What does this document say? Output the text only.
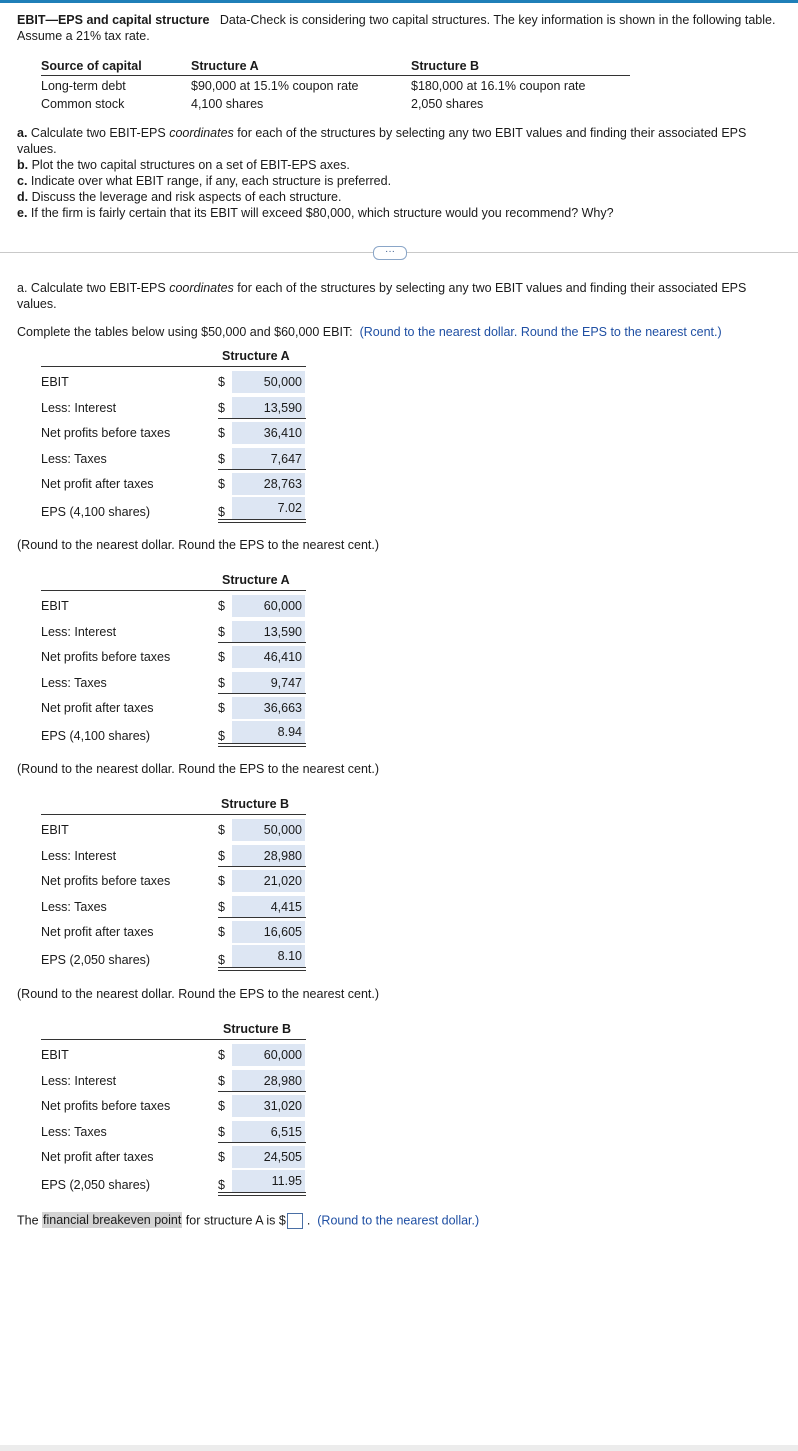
EBIT—EPS and capital structure Data-Check is considering two capital structures. The key information is shown in the following table. Assume a 21% tax rate.
Source of capital	Structure A	Structure B
Long-term debt	$90,000 at 15.1% coupon rate	$180,000 at 16.1% coupon rate
Common stock	4,100 shares	2,050 shares

a. Calculate two EBIT-EPS coordinates for each of the structures by selecting any two EBIT values and finding their associated EPS values.

b. Plot the two capital structures on a set of EBIT-EPS axes.

c. Indicate over what EBIT range, if any, each structure is preferred.

d. Discuss the leverage and risk aspects of each structure.

e. If the firm is fairly certain that its EBIT will exceed $80,000, which structure would you recommend? Why?

···
a. Calculate two EBIT-EPS coordinates for each of the structures by selecting any two EBIT values and finding their associated EPS values.
Complete the tables below using $50,000 and $60,000 EBIT: (Round to the nearest dollar. Round the EPS to the nearest cent.)
Structure A
EBIT	$	50,000
Less: Interest	$	13,590
Net profits before taxes	$	36,410
Less: Taxes	$	7,647
Net profit after taxes	$	28,763
EPS (4,100 shares)	$	7.02
(Round to the nearest dollar. Round the EPS to the nearest cent.)
Structure A
EBIT	$	60,000
Less: Interest	$	13,590
Net profits before taxes	$	46,410
Less: Taxes	$	9,747
Net profit after taxes	$	36,663
EPS (4,100 shares)	$	8.94
(Round to the nearest dollar. Round the EPS to the nearest cent.)
Structure B
EBIT	$	50,000
Less: Interest	$	28,980
Net profits before taxes	$	21,020
Less: Taxes	$	4,415
Net profit after taxes	$	16,605
EPS (2,050 shares)	$	8.10
(Round to the nearest dollar. Round the EPS to the nearest cent.)
Structure B
EBIT	$	60,000
Less: Interest	$	28,980
Net profits before taxes	$	31,020
Less: Taxes	$	6,515
Net profit after taxes	$	24,505
EPS (2,050 shares)	$	11.95
The financial breakeven point for structure A is $ . (Round to the nearest dollar.)
